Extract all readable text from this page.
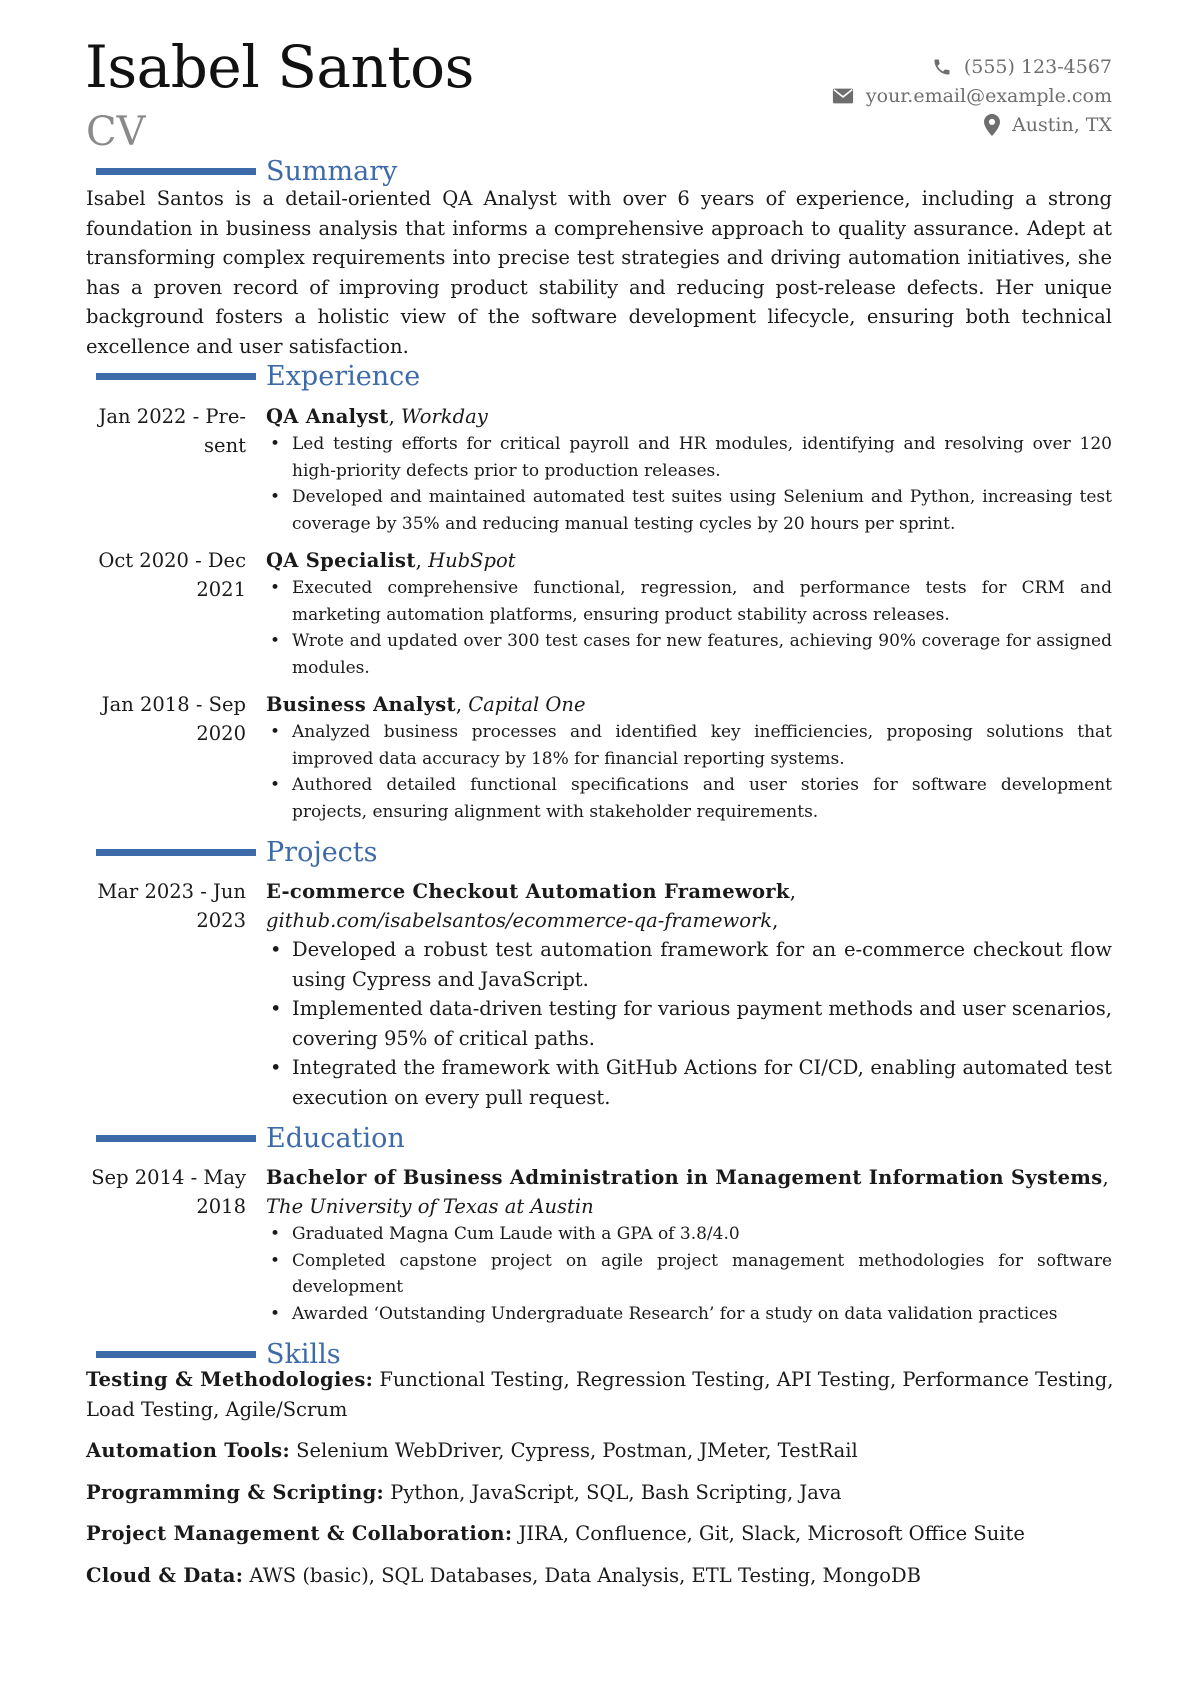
Isabel Santos
CV
(555) 123-4567
your.email@example.com
Austin, TX
Summary
Isabel Santos is a detail-oriented QA Analyst with over 6 years of experience, including a strong foundation in business analysis that informs a comprehensive approach to quality assurance. Adept at transforming complex requirements into precise test strategies and driving automation initiatives, she has a proven record of improving product stability and reducing post-release defects. Her unique background fosters a holistic view of the software development lifecycle, ensuring both technical excellence and user satisfaction.
Experience
Jan 2022 - Pre-
sent
QA Analyst, Workday
• Led testing efforts for critical payroll and HR modules, identifying and resolving over 120 high-priority defects prior to production releases.
• Developed and maintained automated test suites using Selenium and Python, increasing test coverage by 35% and reducing manual testing cycles by 20 hours per sprint.
Oct 2020 - Dec
2021
QA Specialist, HubSpot
• Executed comprehensive functional, regression, and performance tests for CRM and marketing automation platforms, ensuring product stability across releases.
• Wrote and updated over 300 test cases for new features, achieving 90% coverage for assigned modules.
Jan 2018 - Sep
2020
Business Analyst, Capital One
• Analyzed business processes and identified key inefficiencies, proposing solutions that improved data accuracy by 18% for financial reporting systems.
• Authored detailed functional specifications and user stories for software development projects, ensuring alignment with stakeholder requirements.
Projects
Mar 2023 - Jun
2023
E-commerce Checkout Automation Framework, github.com/isabelsantos/ecommerce-qa-framework,
• Developed a robust test automation framework for an e-commerce checkout flow using Cypress and JavaScript.
• Implemented data-driven testing for various payment methods and user scenarios, covering 95% of critical paths.
• Integrated the framework with GitHub Actions for CI/CD, enabling automated test execution on every pull request.
Education
Sep 2014 - May
2018
Bachelor of Business Administration in Management Information Systems,
The University of Texas at Austin
• Graduated Magna Cum Laude with a GPA of 3.8/4.0
• Completed capstone project on agile project management methodologies for software development
• Awarded ‘Outstanding Undergraduate Research’ for a study on data validation practices
Skills
Testing & Methodologies: Functional Testing, Regression Testing, API Testing, Performance Testing, Load Testing, Agile/Scrum
Automation Tools: Selenium WebDriver, Cypress, Postman, JMeter, TestRail
Programming & Scripting: Python, JavaScript, SQL, Bash Scripting, Java
Project Management & Collaboration: JIRA, Confluence, Git, Slack, Microsoft Office Suite
Cloud & Data: AWS (basic), SQL Databases, Data Analysis, ETL Testing, MongoDB
